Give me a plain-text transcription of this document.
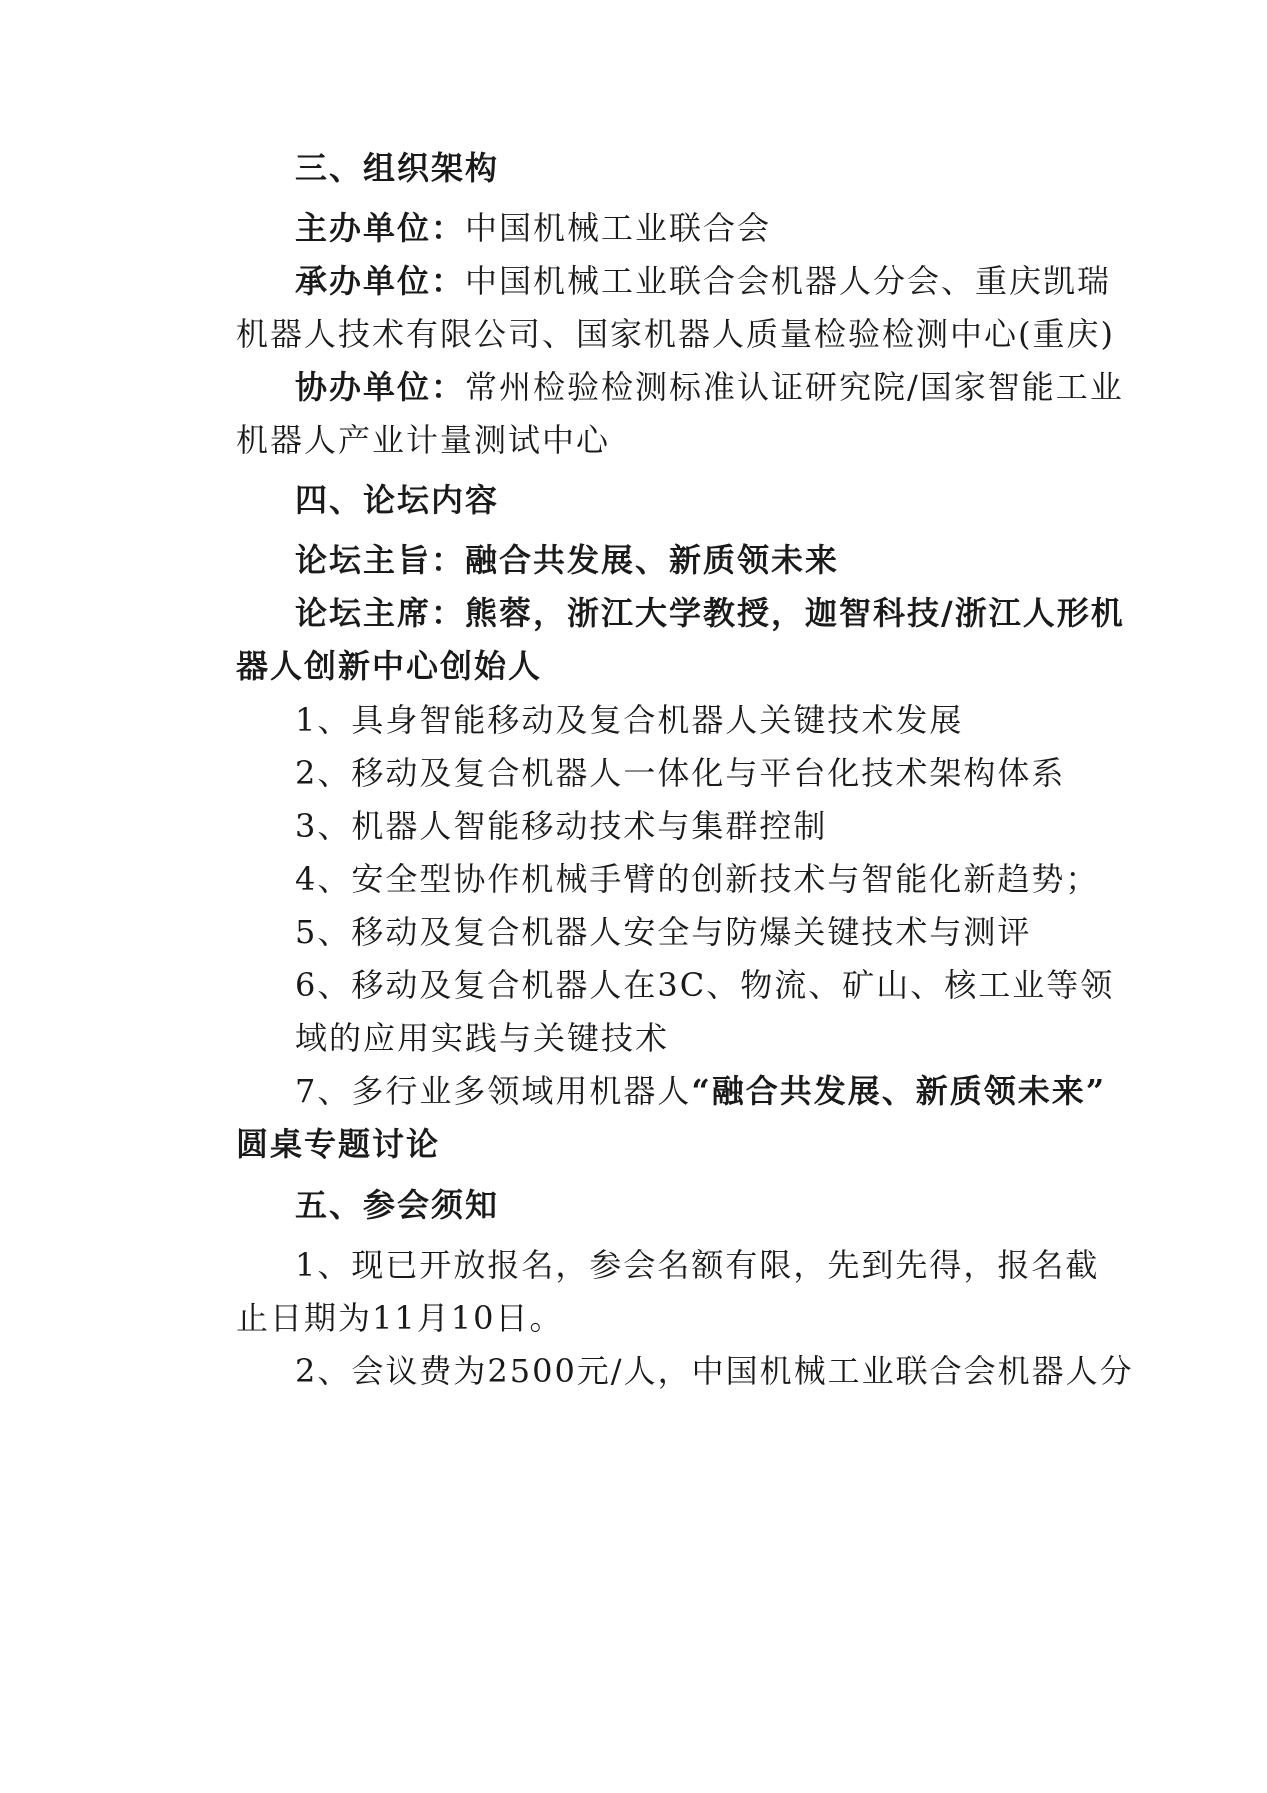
三、组织架构
主办单位：中国机械工业联合会
承办单位：中国机械工业联合会机器人分会、重庆凯瑞
机器人技术有限公司、国家机器人质量检验检测中心(重庆)
协办单位：常州检验检测标准认证研究院/国家智能工业
机器人产业计量测试中心
四、论坛内容
论坛主旨：融合共发展、新质领未来
论坛主席：熊蓉，浙江大学教授，迦智科技/浙江人形机
器人创新中心创始人
1、具身智能移动及复合机器人关键技术发展
2、移动及复合机器人一体化与平台化技术架构体系
3、机器人智能移动技术与集群控制
4、安全型协作机械手臂的创新技术与智能化新趋势；
5、移动及复合机器人安全与防爆关键技术与测评
6、移动及复合机器人在3C、物流、矿山、核工业等领
域的应用实践与关键技术
7、多行业多领域用机器人“融合共发展、新质领未来”
圆桌专题讨论
五、参会须知
1、现已开放报名，参会名额有限，先到先得，报名截
止日期为11月10日。
2、会议费为2500元/人，中国机械工业联合会机器人分
